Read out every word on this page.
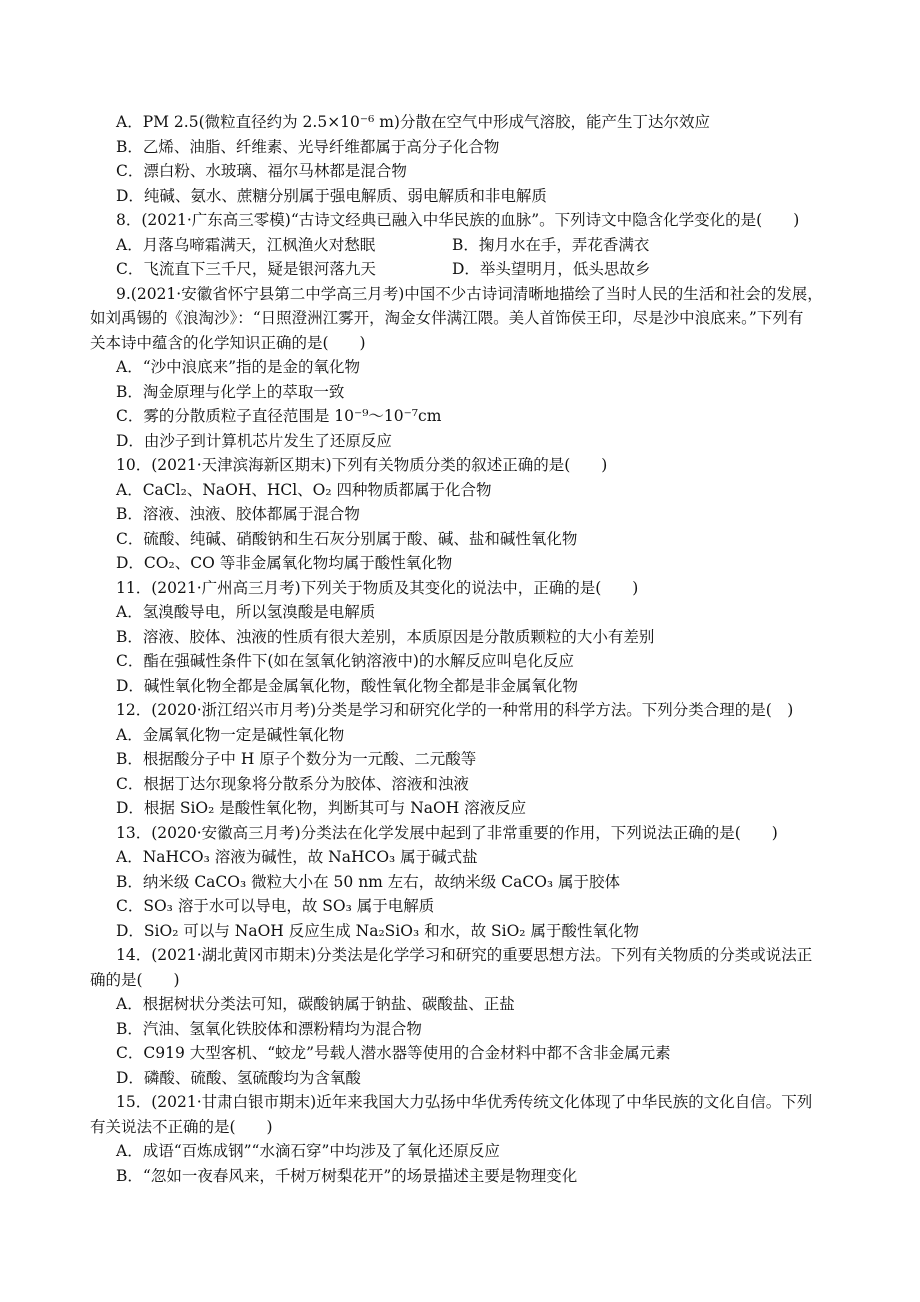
A．PM 2.5(微粒直径约为 2.5×10⁻⁶ m)分散在空气中形成气溶胶，能产生丁达尔效应
B．乙烯、油脂、纤维素、光导纤维都属于高分子化合物
C．漂白粉、水玻璃、福尔马林都是混合物
D．纯碱、氨水、蔗糖分别属于强电解质、弱电解质和非电解质
8．(2021·广东高三零模)“古诗文经典已融入中华民族的血脉”。下列诗文中隐含化学变化的是(　　)
A．月落乌啼霜满天，江枫渔火对愁眠	B．掬月水在手，弄花香满衣
C．飞流直下三千尺，疑是银河落九天	D．举头望明月，低头思故乡
9.(2021·安徽省怀宁县第二中学高三月考)中国不少古诗词清晰地描绘了当时人民的生活和社会的发展，
如刘禹锡的《浪淘沙》：“日照澄洲江雾开，淘金女伴满江隈。美人首饰侯王印，尽是沙中浪底来。”下列有
关本诗中蕴含的化学知识正确的是(　　)
A．“沙中浪底来”指的是金的氧化物
B．淘金原理与化学上的萃取一致
C．雾的分散质粒子直径范围是 10⁻⁹～10⁻⁷cm
D．由沙子到计算机芯片发生了还原反应
10．(2021·天津滨海新区期末)下列有关物质分类的叙述正确的是(　　)
A．CaCl₂、NaOH、HCl、O₂ 四种物质都属于化合物
B．溶液、浊液、胶体都属于混合物
C．硫酸、纯碱、硝酸钠和生石灰分别属于酸、碱、盐和碱性氧化物
D．CO₂、CO 等非金属氧化物均属于酸性氧化物
11．(2021·广州高三月考)下列关于物质及其变化的说法中，正确的是(　　)
A．氢溴酸导电，所以氢溴酸是电解质
B．溶液、胶体、浊液的性质有很大差别，本质原因是分散质颗粒的大小有差别
C．酯在强碱性条件下(如在氢氧化钠溶液中)的水解反应叫皂化反应
D．碱性氧化物全都是金属氧化物，酸性氧化物全都是非金属氧化物
12．(2020·浙江绍兴市月考)分类是学习和研究化学的一种常用的科学方法。下列分类合理的是(　)
A．金属氧化物一定是碱性氧化物
B．根据酸分子中 H 原子个数分为一元酸、二元酸等
C．根据丁达尔现象将分散系分为胶体、溶液和浊液
D．根据 SiO₂ 是酸性氧化物，判断其可与 NaOH 溶液反应
13．(2020·安徽高三月考)分类法在化学发展中起到了非常重要的作用，下列说法正确的是(　　)
A．NaHCO₃ 溶液为碱性，故 NaHCO₃ 属于碱式盐
B．纳米级 CaCO₃ 微粒大小在 50 nm 左右，故纳米级 CaCO₃ 属于胶体
C．SO₃ 溶于水可以导电，故 SO₃ 属于电解质
D．SiO₂ 可以与 NaOH 反应生成 Na₂SiO₃ 和水，故 SiO₂ 属于酸性氧化物
14．(2021·湖北黄冈市期末)分类法是化学学习和研究的重要思想方法。下列有关物质的分类或说法正
确的是(　　)
A．根据树状分类法可知，碳酸钠属于钠盐、碳酸盐、正盐
B．汽油、氢氧化铁胶体和漂粉精均为混合物
C．C919 大型客机、“蛟龙”号载人潜水器等使用的合金材料中都不含非金属元素
D．磷酸、硫酸、氢硫酸均为含氧酸
15．(2021·甘肃白银市期末)近年来我国大力弘扬中华优秀传统文化体现了中华民族的文化自信。下列
有关说法不正确的是(　　)
A．成语“百炼成钢”“水滴石穿”中均涉及了氧化还原反应
B．“忽如一夜春风来，千树万树梨花开”的场景描述主要是物理变化
